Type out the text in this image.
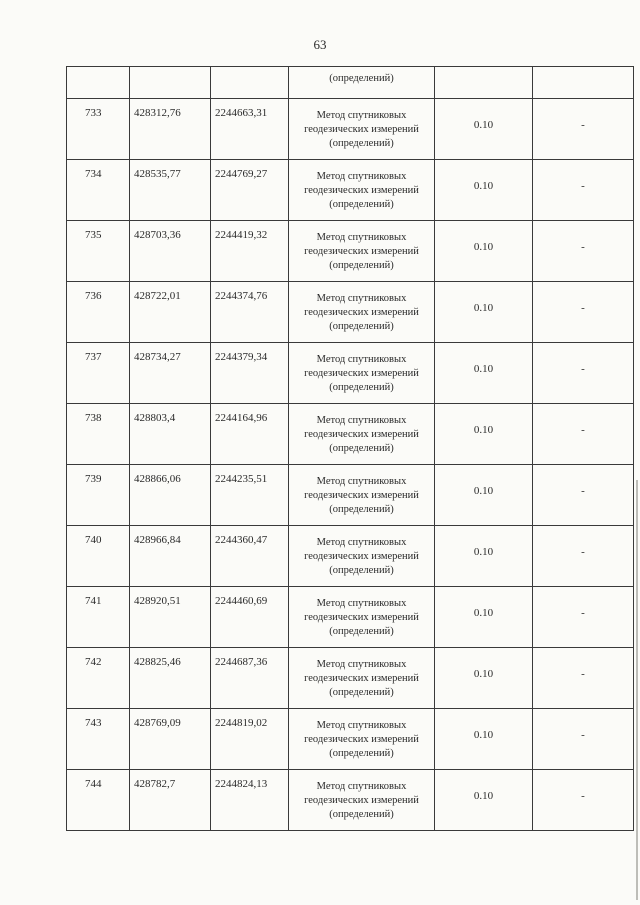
63

			(определений)		

733	428312,76	2244663,31	Метод спутниковых
геодезических измерений
(определений)	0.10	-

734	428535,77	2244769,27	Метод спутниковых
геодезических измерений
(определений)	0.10	-

735	428703,36	2244419,32	Метод спутниковых
геодезических измерений
(определений)	0.10	-

736	428722,01	2244374,76	Метод спутниковых
геодезических измерений
(определений)	0.10	-

737	428734,27	2244379,34	Метод спутниковых
геодезических измерений
(определений)	0.10	-

738	428803,4	2244164,96	Метод спутниковых
геодезических измерений
(определений)	0.10	-

739	428866,06	2244235,51	Метод спутниковых
геодезических измерений
(определений)	0.10	-

740	428966,84	2244360,47	Метод спутниковых
геодезических измерений
(определений)	0.10	-

741	428920,51	2244460,69	Метод спутниковых
геодезических измерений
(определений)	0.10	-

742	428825,46	2244687,36	Метод спутниковых
геодезических измерений
(определений)	0.10	-

743	428769,09	2244819,02	Метод спутниковых
геодезических измерений
(определений)	0.10	-

744	428782,7	2244824,13	Метод спутниковых
геодезических измерений
(определений)	0.10	-
